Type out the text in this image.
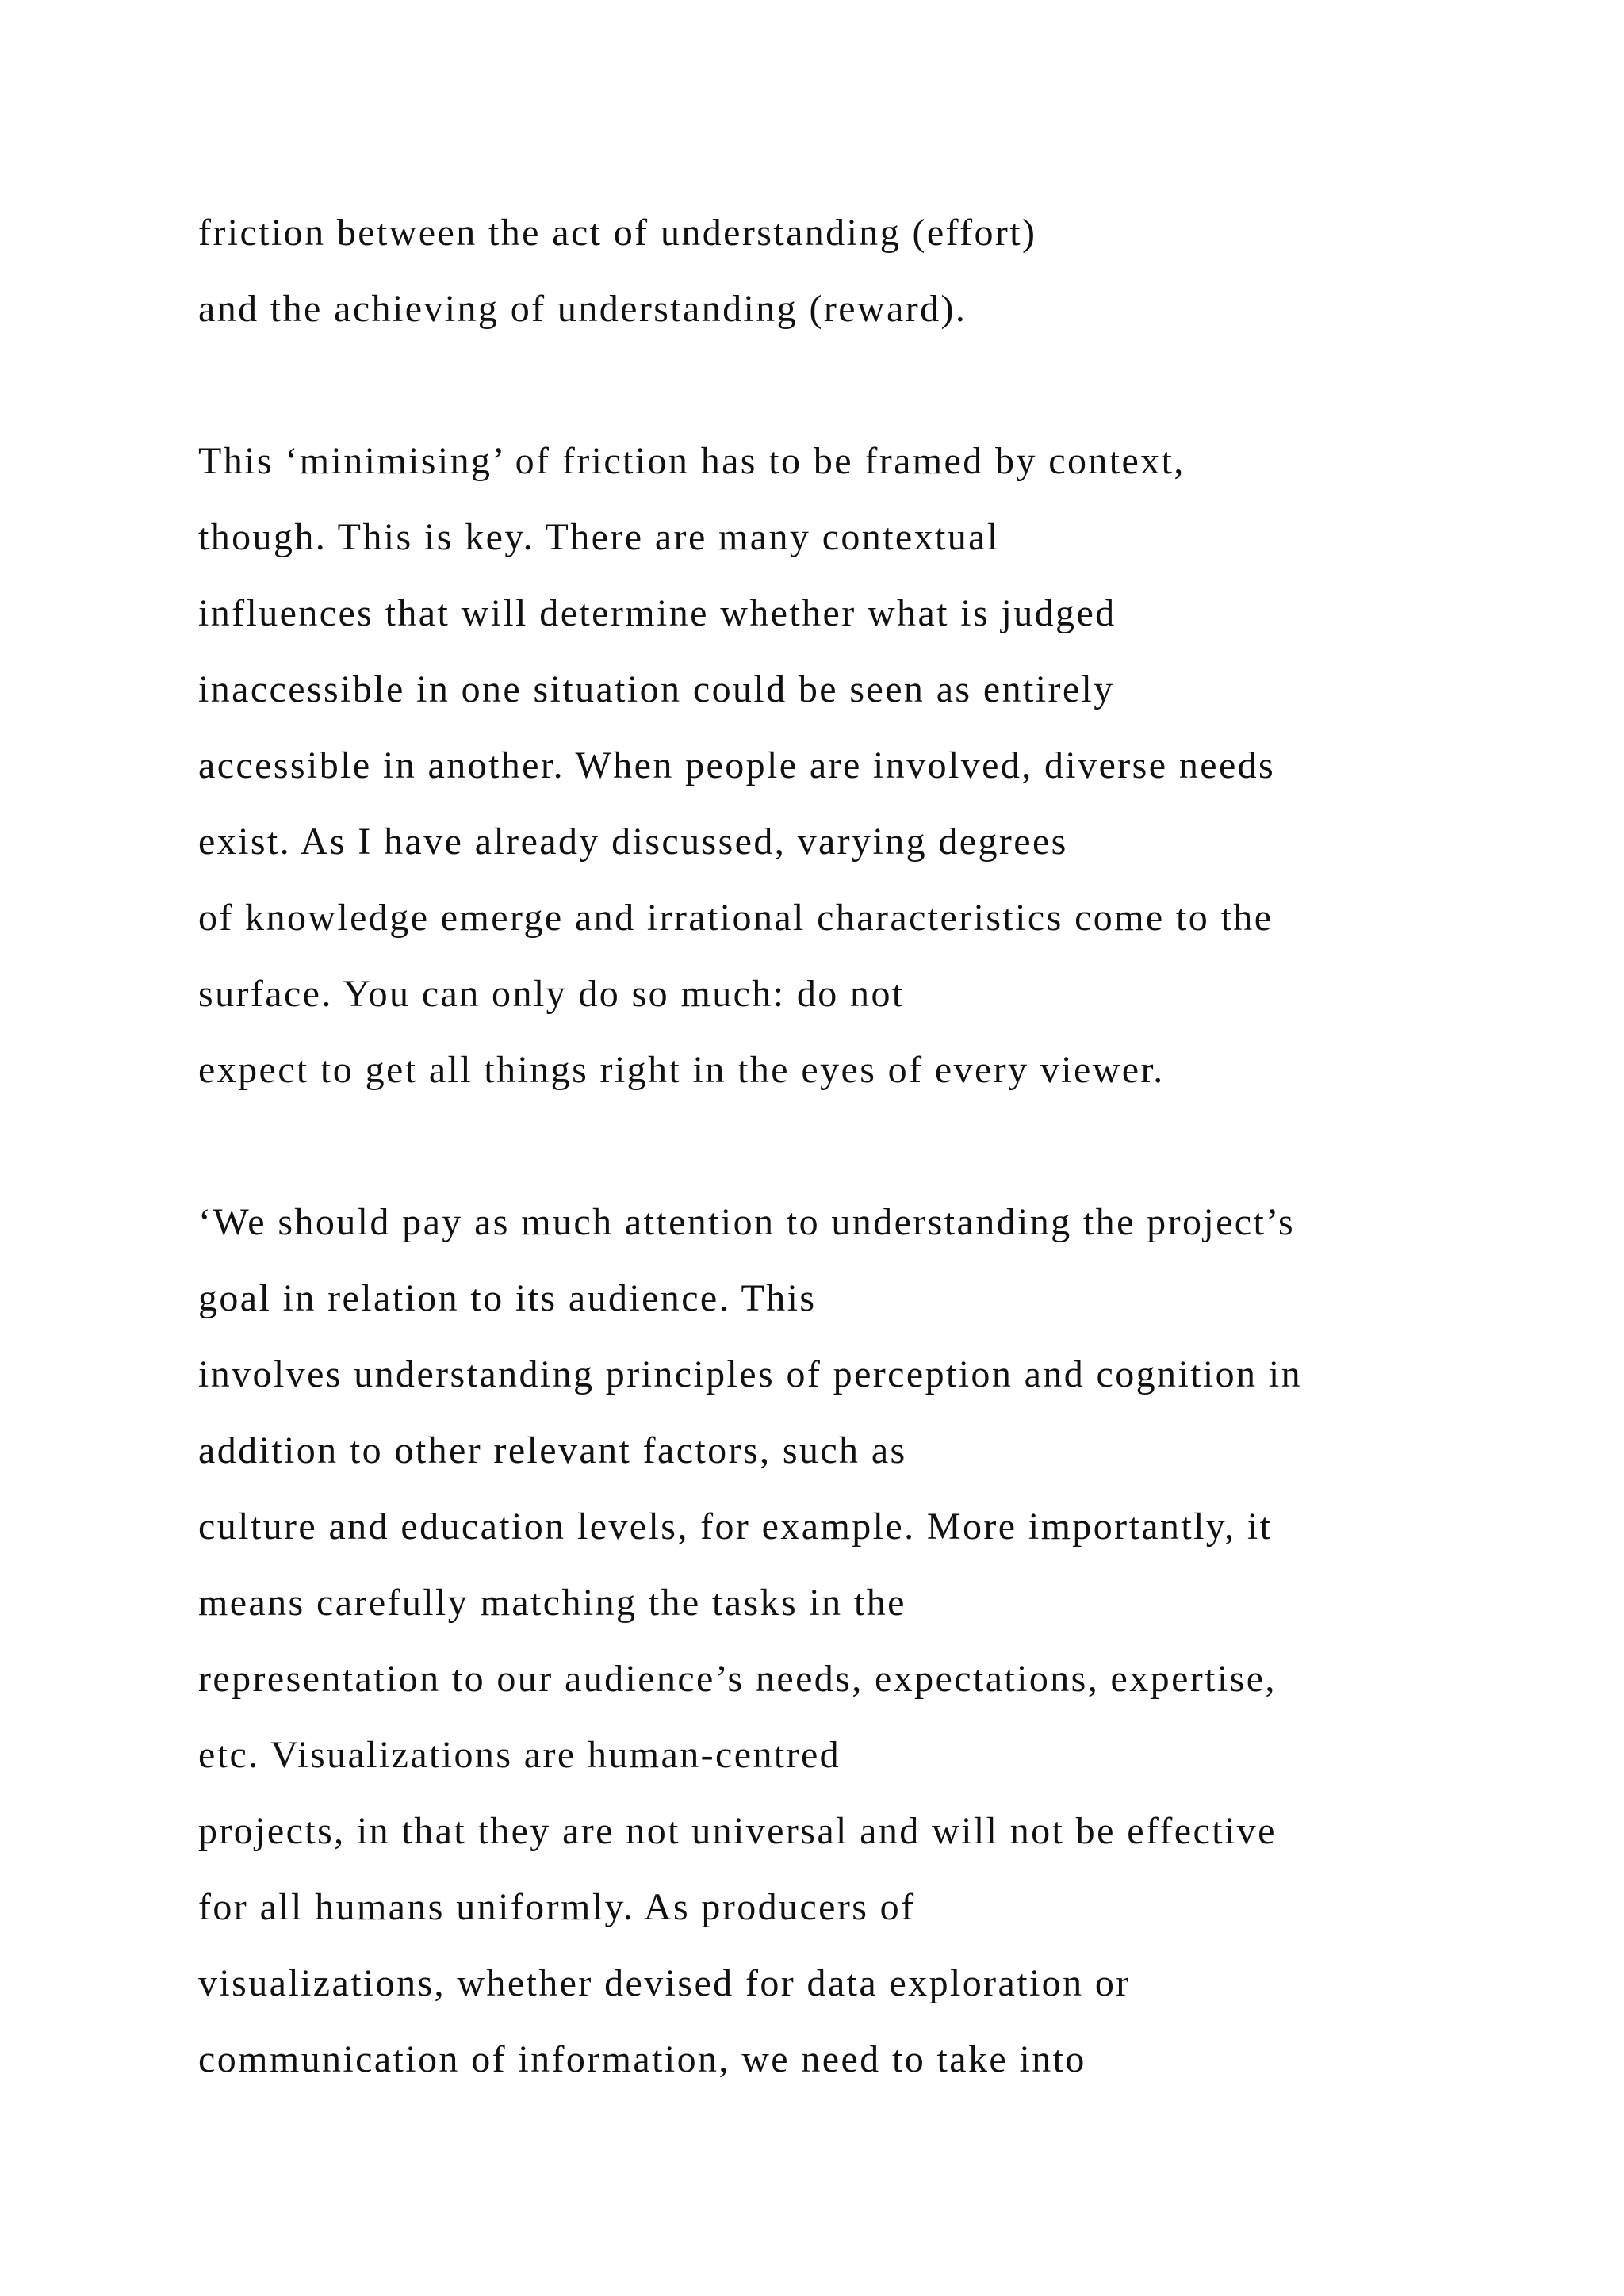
friction between the act of understanding (effort)
and the achieving of understanding (reward).
This ‘minimising’ of friction has to be framed by context,
though. This is key. There are many contextual
influences that will determine whether what is judged
inaccessible in one situation could be seen as entirely
accessible in another. When people are involved, diverse needs
exist. As I have already discussed, varying degrees
of knowledge emerge and irrational characteristics come to the
surface. You can only do so much: do not
expect to get all things right in the eyes of every viewer.
‘We should pay as much attention to understanding the project’s
goal in relation to its audience. This
involves understanding principles of perception and cognition in
addition to other relevant factors, such as
culture and education levels, for example. More importantly, it
means carefully matching the tasks in the
representation to our audience’s needs, expectations, expertise,
etc. Visualizations are human-centred
projects, in that they are not universal and will not be effective
for all humans uniformly. As producers of
visualizations, whether devised for data exploration or
communication of information, we need to take into
